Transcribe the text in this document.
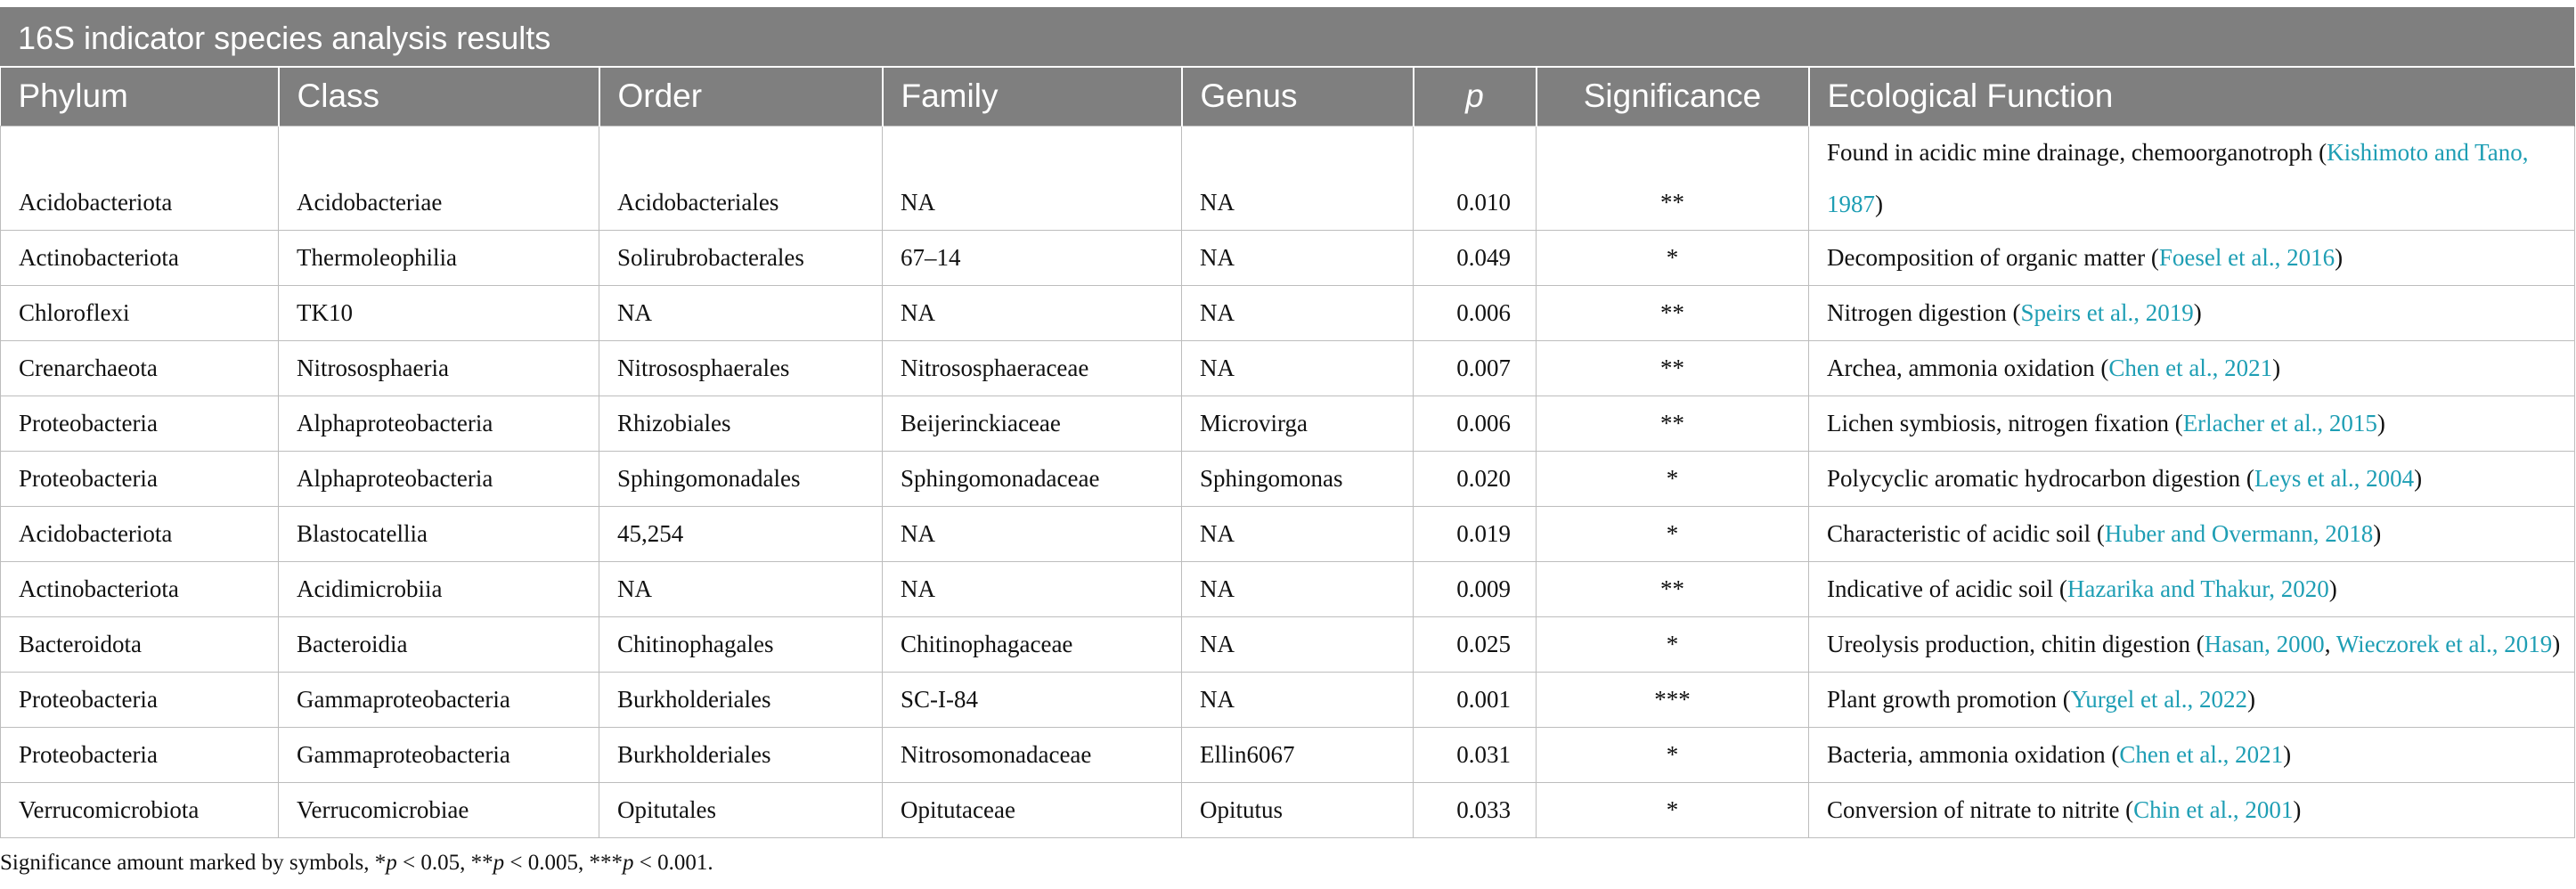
16S indicator species analysis results
Phylum	Class	Order	Family	Genus	p	Significance	Ecological Function
Acidobacteriota	Acidobacteriae	Acidobacteriales	NA	NA	0.010	**	Found in acidic mine drainage, chemoorganotroph (Kishimoto and Tano, 1987)
Actinobacteriota	Thermoleophilia	Solirubrobacterales	67–14	NA	0.049	*	Decomposition of organic matter (Foesel et al., 2016)
Chloroflexi	TK10	NA	NA	NA	0.006	**	Nitrogen digestion (Speirs et al., 2019)
Crenarchaeota	Nitrososphaeria	Nitrososphaerales	Nitrososphaeraceae	NA	0.007	**	Archea, ammonia oxidation (Chen et al., 2021)
Proteobacteria	Alphaproteobacteria	Rhizobiales	Beijerinckiaceae	Microvirga	0.006	**	Lichen symbiosis, nitrogen fixation (Erlacher et al., 2015)
Proteobacteria	Alphaproteobacteria	Sphingomonadales	Sphingomonadaceae	Sphingomonas	0.020	*	Polycyclic aromatic hydrocarbon digestion (Leys et al., 2004)
Acidobacteriota	Blastocatellia	45,254	NA	NA	0.019	*	Characteristic of acidic soil (Huber and Overmann, 2018)
Actinobacteriota	Acidimicrobiia	NA	NA	NA	0.009	**	Indicative of acidic soil (Hazarika and Thakur, 2020)
Bacteroidota	Bacteroidia	Chitinophagales	Chitinophagaceae	NA	0.025	*	Ureolysis production, chitin digestion (Hasan, 2000, Wieczorek et al., 2019)
Proteobacteria	Gammaproteobacteria	Burkholderiales	SC-I-84	NA	0.001	***	Plant growth promotion (Yurgel et al., 2022)
Proteobacteria	Gammaproteobacteria	Burkholderiales	Nitrosomonadaceae	Ellin6067	0.031	*	Bacteria, ammonia oxidation (Chen et al., 2021)
Verrucomicrobiota	Verrucomicrobiae	Opitutales	Opitutaceae	Opitutus	0.033	*	Conversion of nitrate to nitrite (Chin et al., 2001)
Significance amount marked by symbols, *p < 0.05, **p < 0.005, ***p < 0.001.
